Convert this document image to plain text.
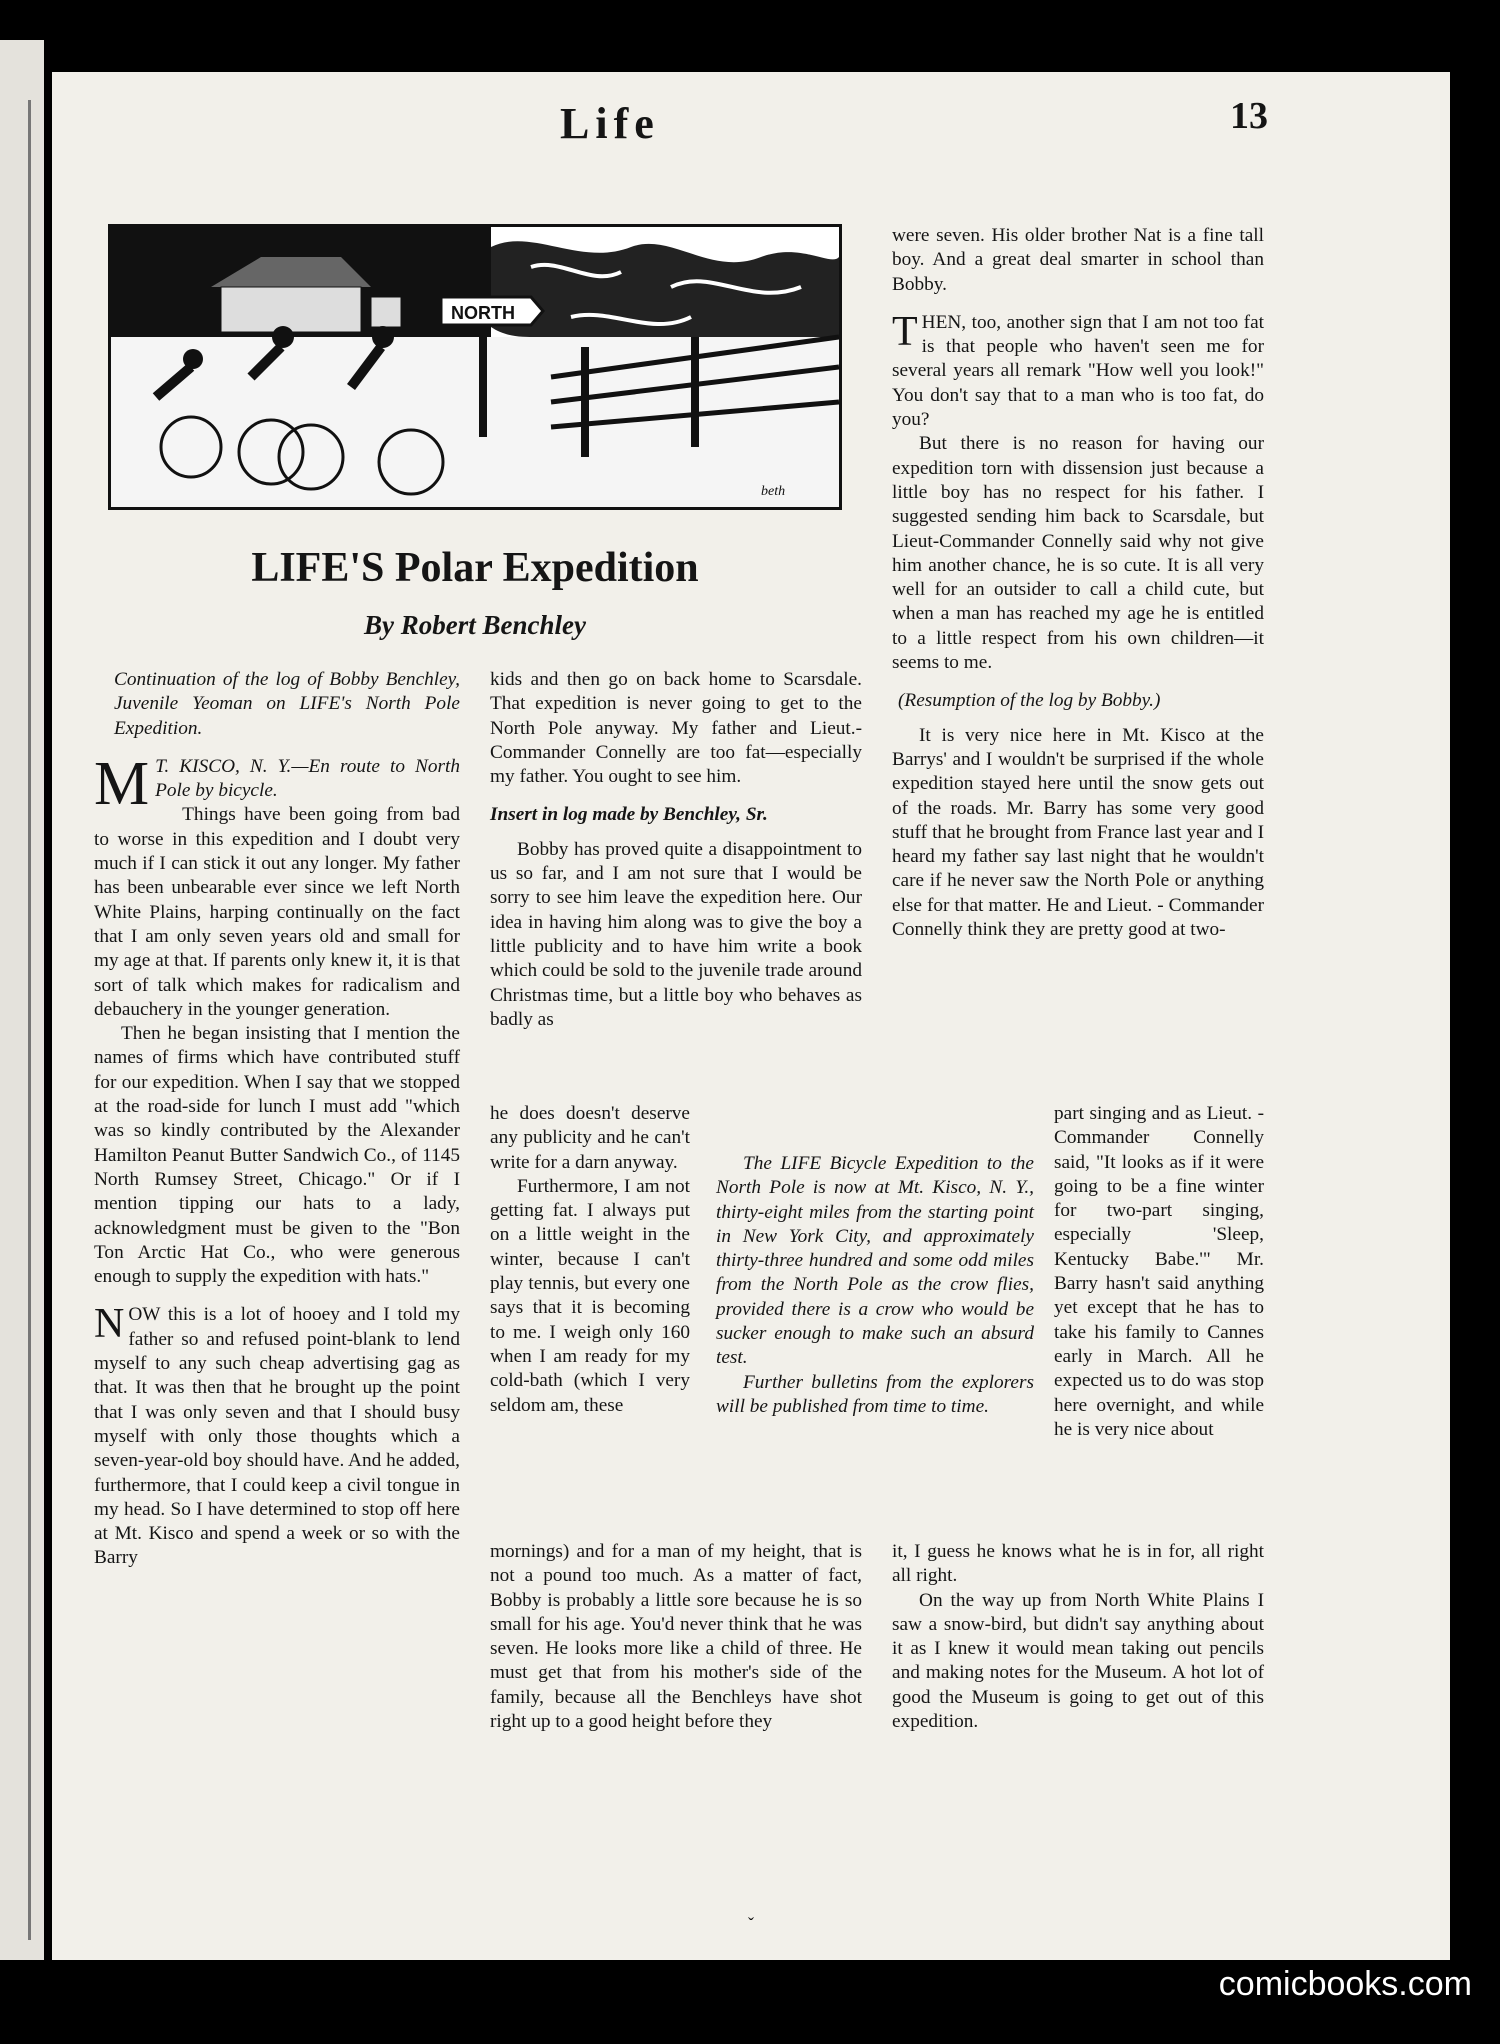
Life	13
NORTH
beth
LIFE'S Polar Expedition
By Robert Benchley

Continuation of the log of Bobby Benchley, Juvenile Yeoman on LIFE's North Pole Expedition.

M T. KISCO, N. Y.—En route to North Pole by bicycle.

Things have been going from bad to worse in this expedition and I doubt very much if I can stick it out any longer. My father has been unbearable ever since we left North White Plains, harping continually on the fact that I am only seven years old and small for my age at that. If parents only knew it, it is that sort of talk which makes for radicalism and debauchery in the younger generation.

Then he began insisting that I mention the names of firms which have contributed stuff for our expedition. When I say that we stopped at the road-side for lunch I must add "which was so kindly contributed by the Alexander Hamilton Peanut Butter Sandwich Co., of 1145 North Rumsey Street, Chicago." Or if I mention tipping our hats to a lady, acknowledgment must be given to the "Bon Ton Arctic Hat Co., who were generous enough to supply the expedition with hats."

NOW this is a lot of hooey and I told my father so and refused point-blank to lend myself to any such cheap advertising gag as that. It was then that he brought up the point that I was only seven and that I should busy myself with only those thoughts which a seven-year-old boy should have. And he added, furthermore, that I could keep a civil tongue in my head. So I have determined to stop off here at Mt. Kisco and spend a week or so with the Barry

kids and then go on back home to Scarsdale. That expedition is never going to get to the North Pole anyway. My father and Lieut.-Commander Connelly are too fat—especially my father. You ought to see him.

Insert in log made by Benchley, Sr.

Bobby has proved quite a disappointment to us so far, and I am not sure that I would be sorry to see him leave the expedition here. Our idea in having him along was to give the boy a little publicity and to have him write a book which could be sold to the juvenile trade around Christmas time, but a little boy who behaves as badly as

he does doesn't deserve any publicity and he can't write for a darn anyway.

Furthermore, I am not getting fat. I always put on a little weight in the winter, because I can't play tennis, but every one says that it is becoming to me. I weigh only 160 when I am ready for my cold-bath (which I very seldom am, these

The LIFE Bicycle Expedition to the North Pole is now at Mt. Kisco, N. Y., thirty-eight miles from the starting point in New York City, and approximately thirty-three hundred and some odd miles from the North Pole as the crow flies, provided there is a crow who would be sucker enough to make such an absurd test.

Further bulletins from the explorers will be published from time to time.

mornings) and for a man of my height, that is not a pound too much. As a matter of fact, Bobby is probably a little sore because he is so small for his age. You'd never think that he was seven. He looks more like a child of three. He must get that from his mother's side of the family, because all the Benchleys have shot right up to a good height before they

were seven. His older brother Nat is a fine tall boy. And a great deal smarter in school than Bobby.

THEN, too, another sign that I am not too fat is that people who haven't seen me for several years all remark "How well you look!" You don't say that to a man who is too fat, do you?

But there is no reason for having our expedition torn with dissension just because a little boy has no respect for his father. I suggested sending him back to Scarsdale, but Lieut-Commander Connelly said why not give him another chance, he is so cute. It is all very well for an outsider to call a child cute, but when a man has reached my age he is entitled to a little respect from his own children—it seems to me.

(Resumption of the log by Bobby.)

It is very nice here in Mt. Kisco at the Barrys' and I wouldn't be surprised if the whole expedition stayed here until the snow gets out of the roads. Mr. Barry has some very good stuff that he brought from France last year and I heard my father say last night that he wouldn't care if he never saw the North Pole or anything else for that matter. He and Lieut. - Commander Connelly think they are pretty good at two-

part singing and as Lieut. - Commander Connelly said, "It looks as if it were going to be a fine winter for two-part singing, especially 'Sleep, Kentucky Babe.'" Mr. Barry hasn't said anything yet except that he has to take his family to Cannes early in March. All he expected us to do was stop here overnight, and while he is very nice about

it, I guess he knows what he is in for, all right all right.

On the way up from North White Plains I saw a snow-bird, but didn't say anything about it as I knew it would mean taking out pencils and making notes for the Museum. A hot lot of good the Museum is going to get out of this expedition.

ˇ
comicbooks.com
